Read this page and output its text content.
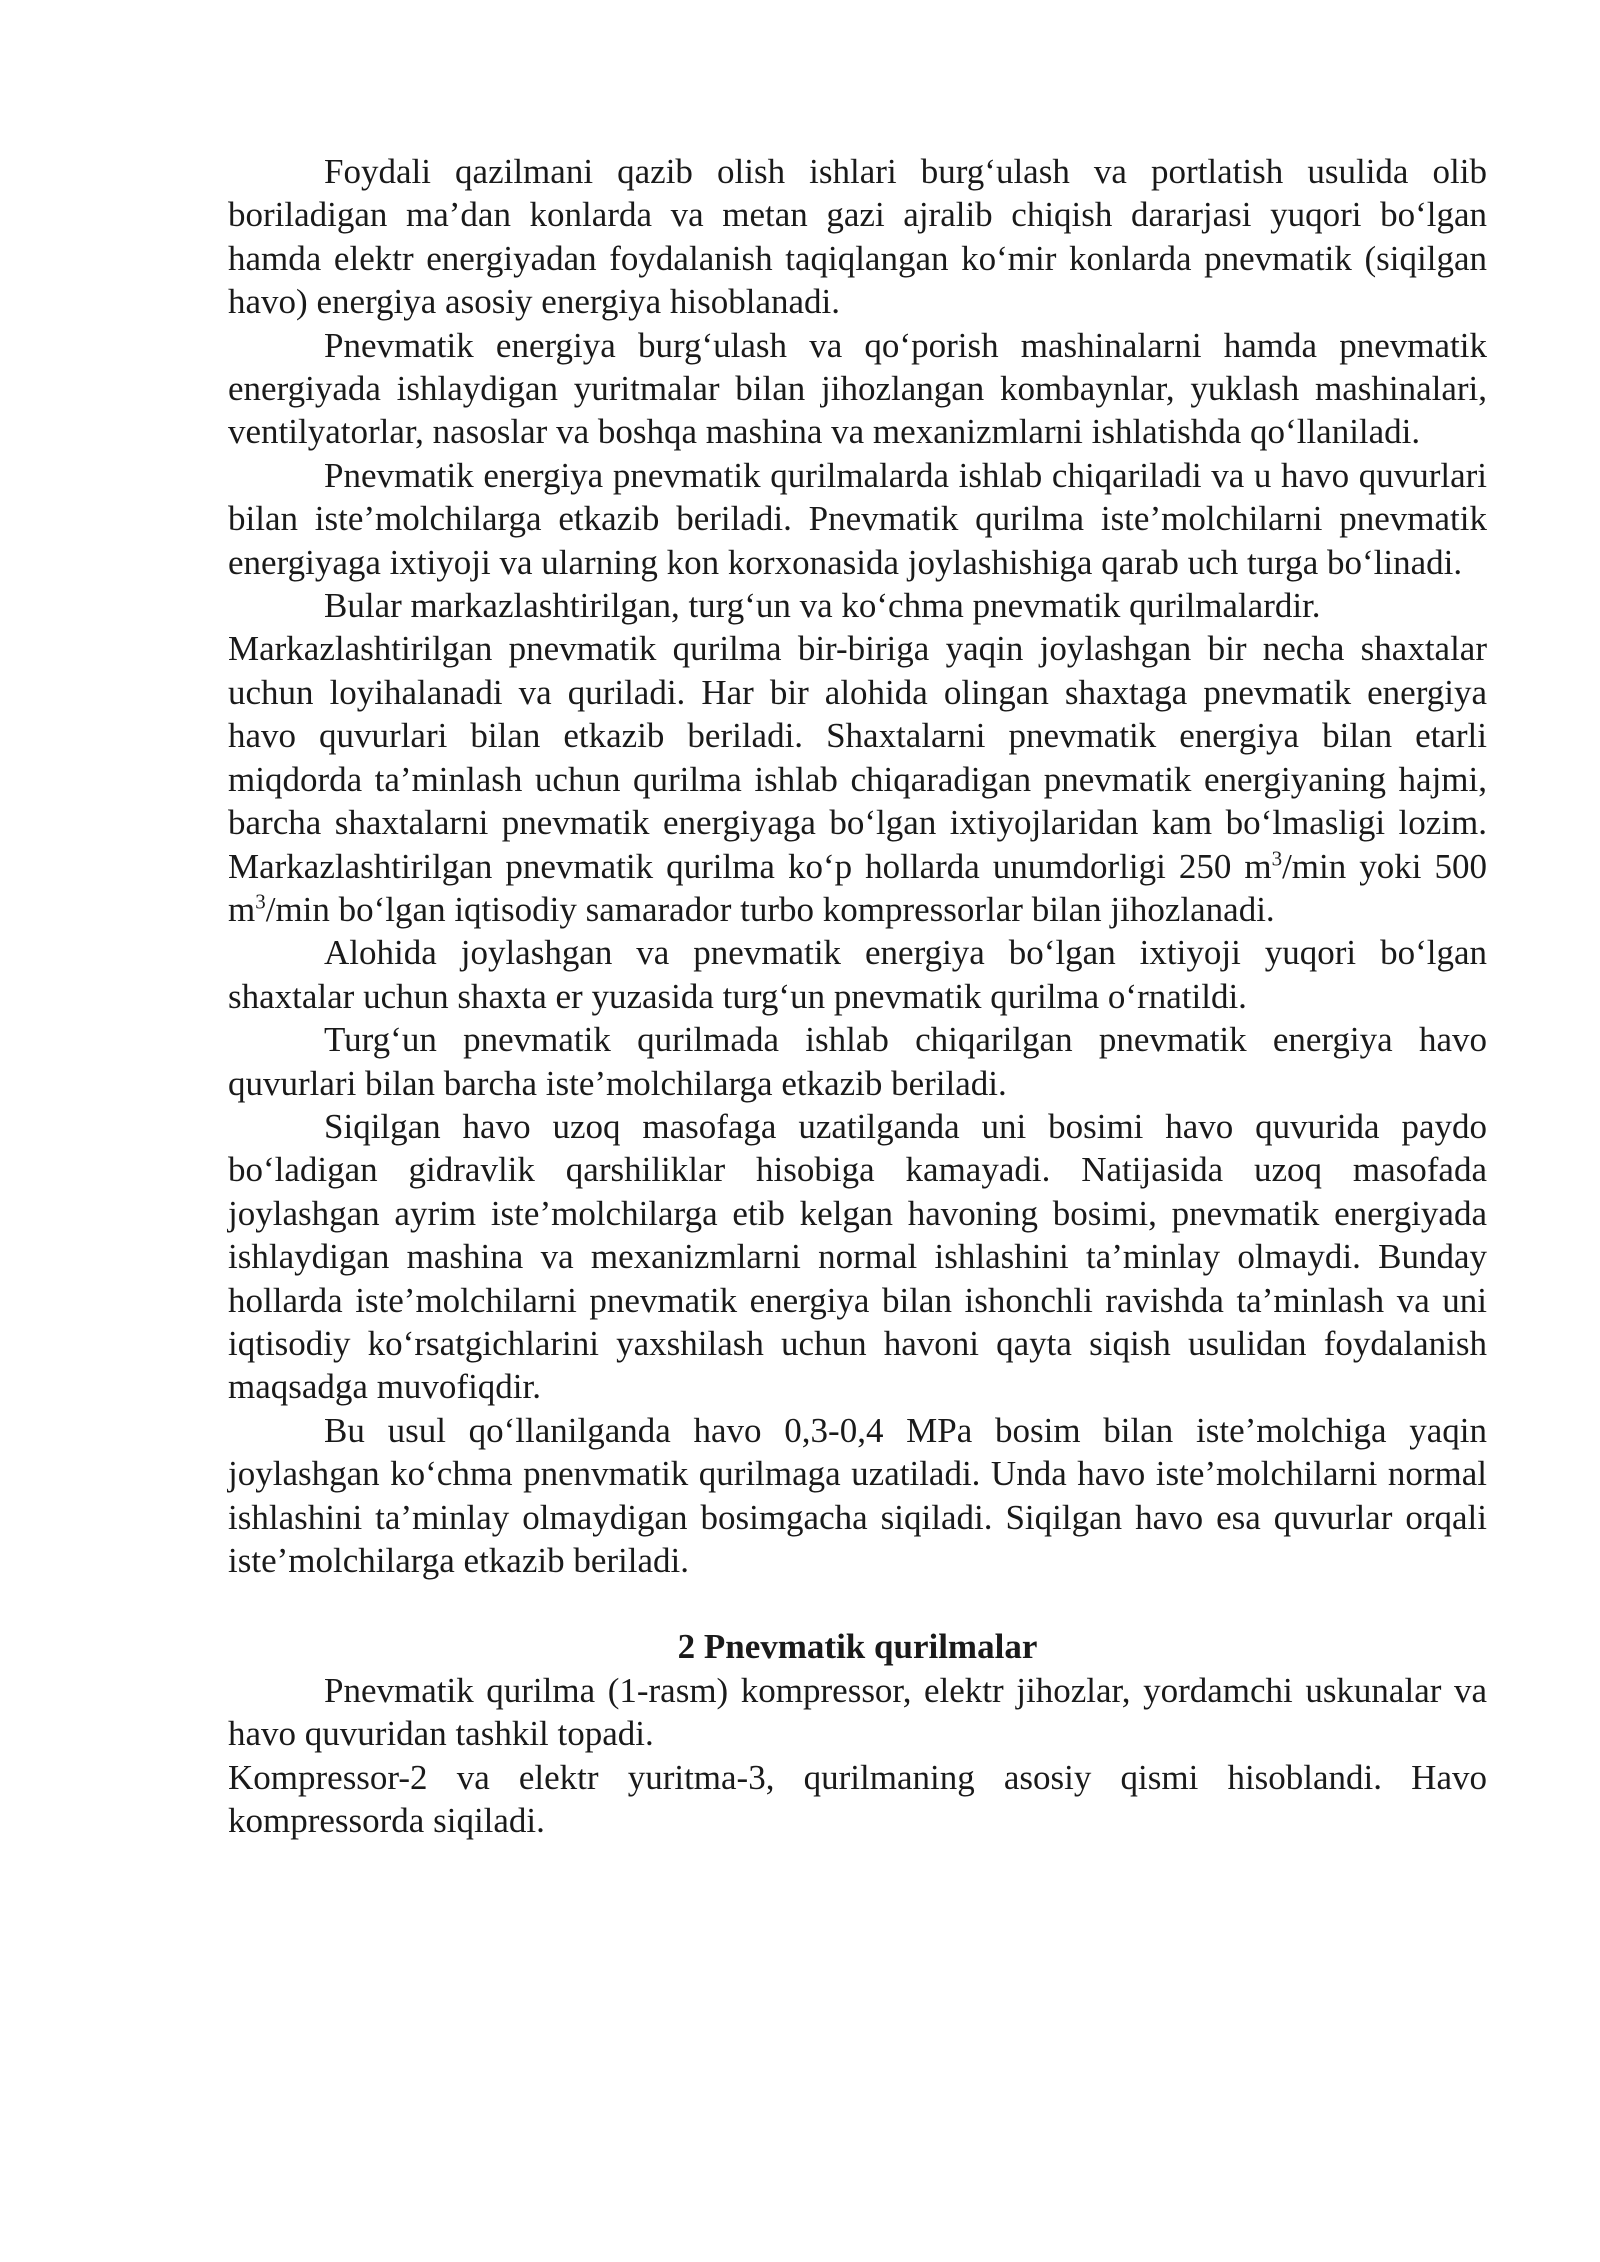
Foydali qazilmani qazib olish ishlari burg‘ulash va portlatish usulida olib boriladigan ma’dan konlarda va metan gazi ajralib chiqish dararjasi yuqori bo‘lgan hamda elektr energiyadan foydalanish taqiqlangan ko‘mir konlarda pnevmatik (siqilgan havo) energiya asosiy energiya hisoblanadi.

Pnevmatik energiya burg‘ulash va qo‘porish mashinalarni hamda pnevmatik energiyada ishlaydigan yuritmalar bilan jihozlangan kombaynlar, yuklash mashinalari, ventilyatorlar, nasoslar va boshqa mashina va mexanizmlarni ishlatishda qo‘llaniladi.

Pnevmatik energiya pnevmatik qurilmalarda ishlab chiqariladi va u havo quvurlari bilan iste’molchilarga etkazib beriladi. Pnevmatik qurilma iste’molchilarni pnevmatik energiyaga ixtiyoji va ularning kon korxonasida joylashishiga qarab uch turga bo‘linadi.

Bular markazlashtirilgan, turg‘un va ko‘chma pnevmatik qurilmalardir.

Markazlashtirilgan pnevmatik qurilma bir-biriga yaqin joylashgan bir necha shaxtalar uchun loyihalanadi va quriladi. Har bir alohida olingan shaxtaga pnevmatik energiya havo quvurlari bilan etkazib beriladi. Shaxtalarni pnevmatik energiya bilan etarli miqdorda ta’minlash uchun qurilma ishlab chiqaradigan pnevmatik energiyaning hajmi, barcha shaxtalarni pnevmatik energiyaga bo‘lgan ixtiyojlaridan kam bo‘lmasligi lozim. Markazlashtirilgan pnevmatik qurilma ko‘p hollarda unumdorligi 250 $m^3/\min$ yoki 500 $m^3/\min$ bo‘lgan iqtisodiy samarador turbo kompressorlar bilan jihozlanadi.

Alohida joylashgan va pnevmatik energiya bo‘lgan ixtiyoji yuqori bo‘lgan shaxtalar uchun shaxta er yuzasida turg‘un pnevmatik qurilma o‘rnatildi.

Turg‘un pnevmatik qurilmada ishlab chiqarilgan pnevmatik energiya havo quvurlari bilan barcha iste’molchilarga etkazib beriladi.

Siqilgan havo uzoq masofaga uzatilganda uni bosimi havo quvurida paydo bo‘ladigan gidravlik qarshiliklar hisobiga kamayadi. Natijasida uzoq masofada joylashgan ayrim iste’molchilarga etib kelgan havoning bosimi, pnevmatik energiyada ishlaydigan mashina va mexanizmlarni normal ishlashini ta’minlay olmaydi. Bunday hollarda iste’molchilarni pnevmatik energiya bilan ishonchli ravishda ta’minlash va uni iqtisodiy ko‘rsatgichlarini yaxshilash uchun havoni qayta siqish usulidan foydalanish maqsadga muvofiqdir.

Bu usul qo‘llanilganda havo 0,3-0,4 MPa bosim bilan iste’molchiga yaqin joylashgan ko‘chma pnenvmatik qurilmaga uzatiladi. Unda havo iste’molchilarni normal ishlashini ta’minlay olmaydigan bosimgacha siqiladi. Siqilgan havo esa quvurlar orqali iste’molchilarga etkazib beriladi.

2 Pnevmatik qurilmalar

Pnevmatik qurilma (1-rasm) kompressor, elektr jihozlar, yordamchi uskunalar va havo quvuridan tashkil topadi.

Kompressor-2 va elektr yuritma-3, qurilmaning asosiy qismi hisoblandi. Havo kompressorda siqiladi.
